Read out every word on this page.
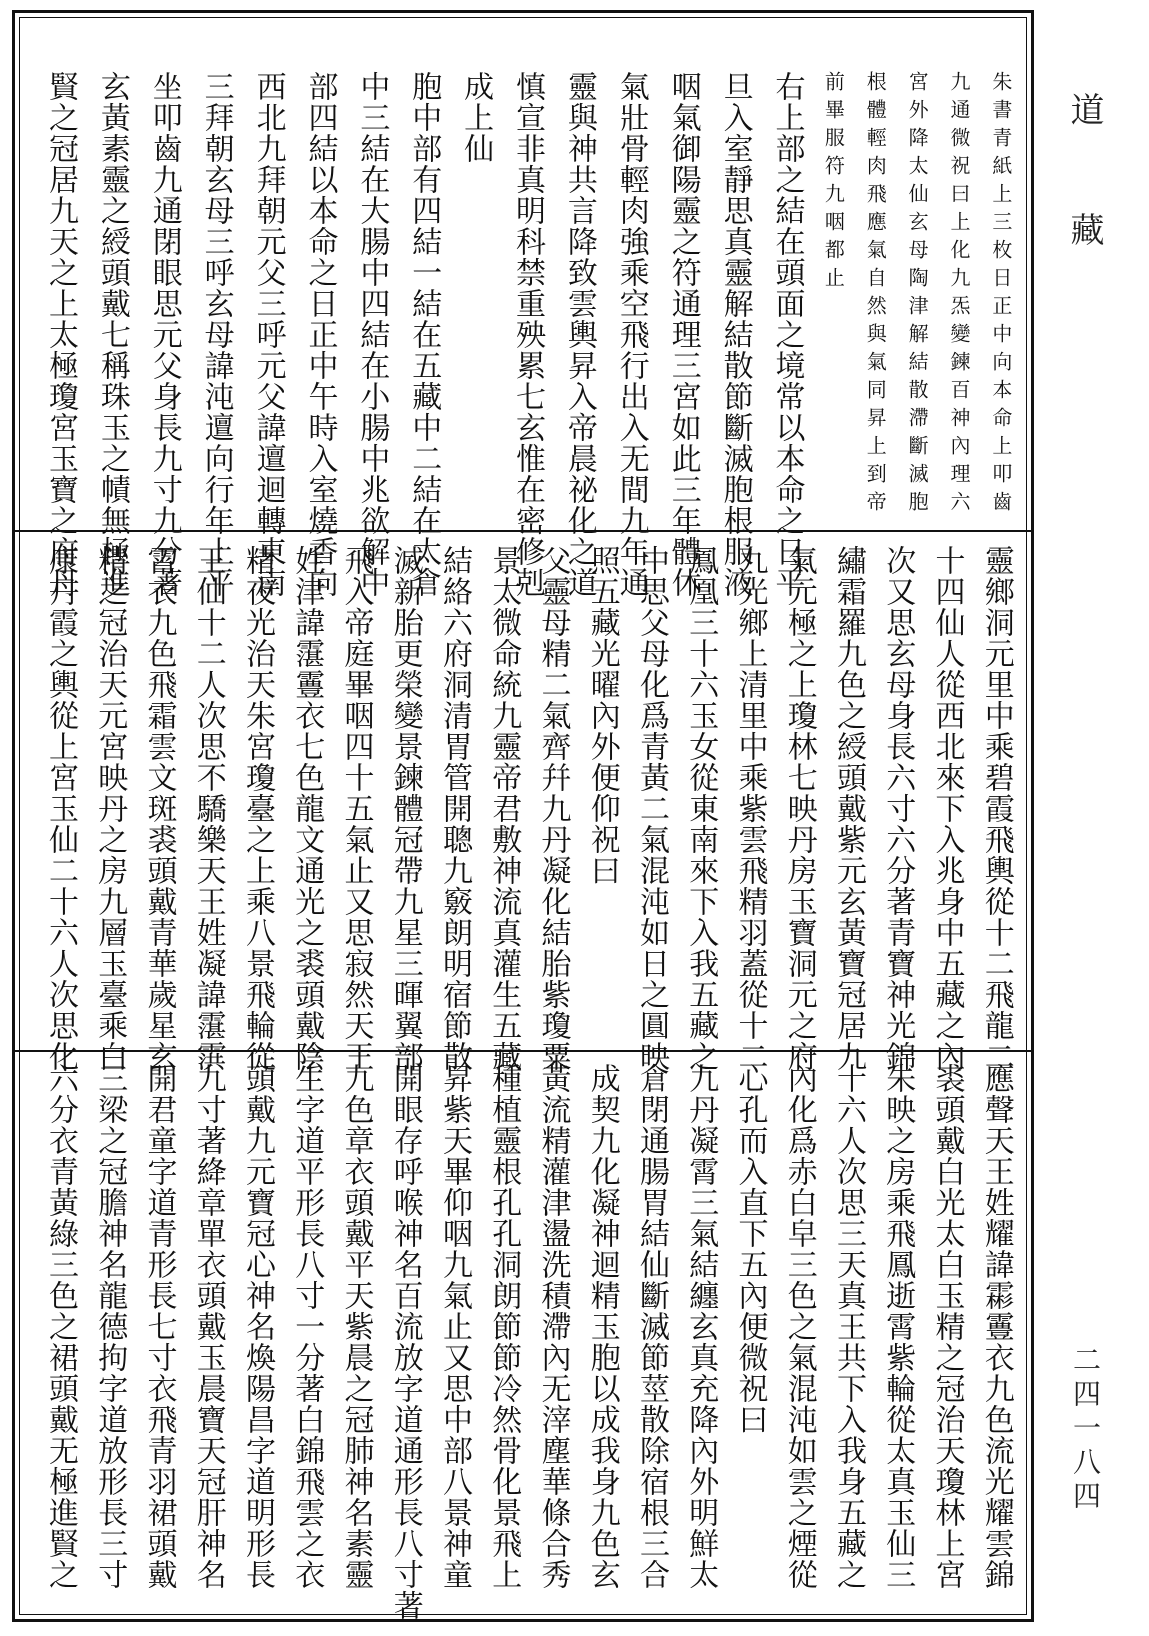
朱書青紙上三枚日正中向本命上叩齒
九通微祝曰上化九炁變鍊百神內理六
宮外降太仙玄母陶津解結散滯斷滅胞
根體輕肉飛應氣自然與氣同昇上到帝
前畢服符九咽都止
右上部之結在頭面之境常以本命之日平
旦入室靜思真靈解結散節斷滅胞根服液
咽氣御陽靈之符通理三宮如此三年體休
氣壯骨輕肉強乘空飛行出入无間九年通
靈與神共言降致雲輿昇入帝晨祕化之道
慎宣非真明科禁重殃累七玄惟在密修剋
成上仙
胞中部有四結一結在五藏中二結在太倉
中三結在大腸中四結在小腸中兆欲解中
部四結以本命之日正中午時入室燒香向
西北九拜朝元父三呼元父諱邅迴轉東南
三拜朝玄母三呼玄母諱沌邅向行年上平
坐叩齒九通閉眼思元父身長九寸九分著
玄黃素靈之綬頭戴七稱珠玉之幘無極進
賢之冠居九天之上太極瓊宮玉寶之府丹
靈鄉洞元里中乘碧霞飛輿從十二飛龍二
十四仙人從西北來下入兆身中五藏之內
次又思玄母身長六寸六分著青寶神光錦
繡霜羅九色之綬頭戴紫元玄黃寶冠居九
氣元極之上瓊林七映丹房玉寶洞元之府
九光鄉上清里中乘紫雲飛精羽蓋從十二
鳳凰三十六玉女從東南來下入我五藏之
中思父母化爲青黃二氣混沌如日之圓映
照五藏光曜內外便仰祝曰
父靈母精二氣齊幷九丹凝化結胎紫瓊粟
景太微命統九靈帝君敷神流真灌生五藏
結絡六府洞清胃管開聰九竅朗明宿節散
滅新胎更榮變景鍊體冠帶九星三暉翼部
飛入帝庭畢咽四十五氣止又思寂然天王
姓津諱霮霻衣七色龍文通光之裘頭戴陰
精夜光治天朱宮瓊臺之上乘八景飛輪從
王仙十二人次思不驕樂天王姓凝諱霮霟
霄衣九色飛霜雲文斑裘頭戴青華歲星玄
精之冠治天元宮映丹之房九層玉臺乘白
康丹霞之輿從上宮玉仙二十六人次思化
應聲天王姓耀諱霦霻衣九色流光耀雲錦
裘頭戴白光太白玉精之冠治天瓊林上宮
朱映之房乘飛鳳逝霄紫輪從太真玉仙三
十六人次思三天真王共下入我身五藏之
內化爲赤白皁三色之氣混沌如雲之煙從
心孔而入直下五內便微祝曰
九丹凝霄三氣結纏玄真充降內外明鮮太
倉閉通腸胃結仙斷滅節莖散除宿根三合
成契九化凝神迴精玉胞以成我身九色玄
黃流精灌津盪洗積滯內无滓塵華條合秀
種植靈根孔孔洞朗節節冷然骨化景飛上
昇紫天畢仰咽九氣止又思中部八景神童
開眼存呼喉神名百流放字道通形長八寸著
九色章衣頭戴平天紫晨之冠肺神名素靈
生字道平形長八寸一分著白錦飛雲之衣
頭戴九元寶冠心神名煥陽昌字道明形長
九寸著絳章單衣頭戴玉晨寶天冠肝神名
開君童字道青形長七寸衣飛青羽裙頭戴
三梁之冠膽神名龍德拘字道放形長三寸
六分衣青黃綠三色之裙頭戴无極進賢之
道
藏
二四一八四
